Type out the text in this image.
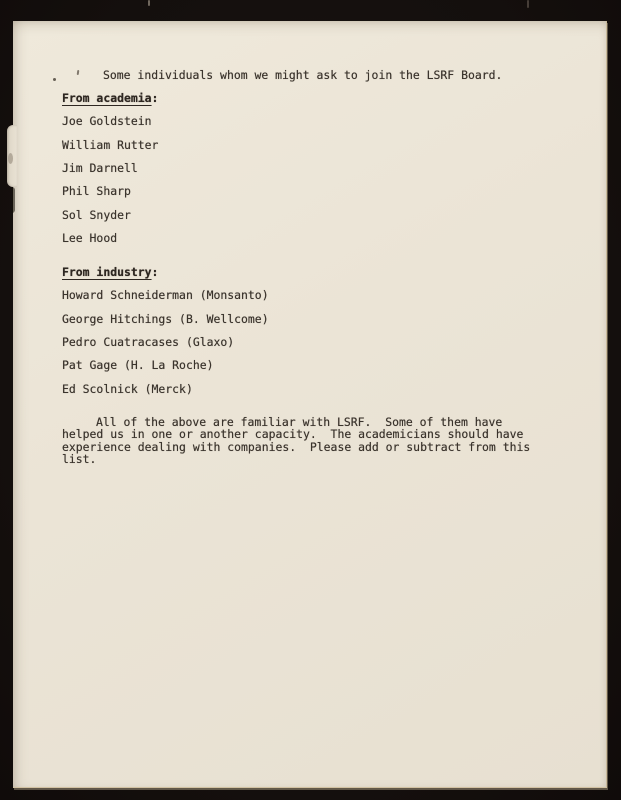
Some individuals whom we might ask to join the LSRF Board.
From academia:
Joe Goldstein
William Rutter
Jim Darnell
Phil Sharp
Sol Snyder
Lee Hood
From industry:
Howard Schneiderman (Monsanto)
George Hitchings (B. Wellcome)
Pedro Cuatracases (Glaxo)
Pat Gage (H. La Roche)
Ed Scolnick (Merck)
All of the above are familiar with LSRF.  Some of them have
helped us in one or another capacity.  The academicians should have
experience dealing with companies.  Please add or subtract from this
list.
